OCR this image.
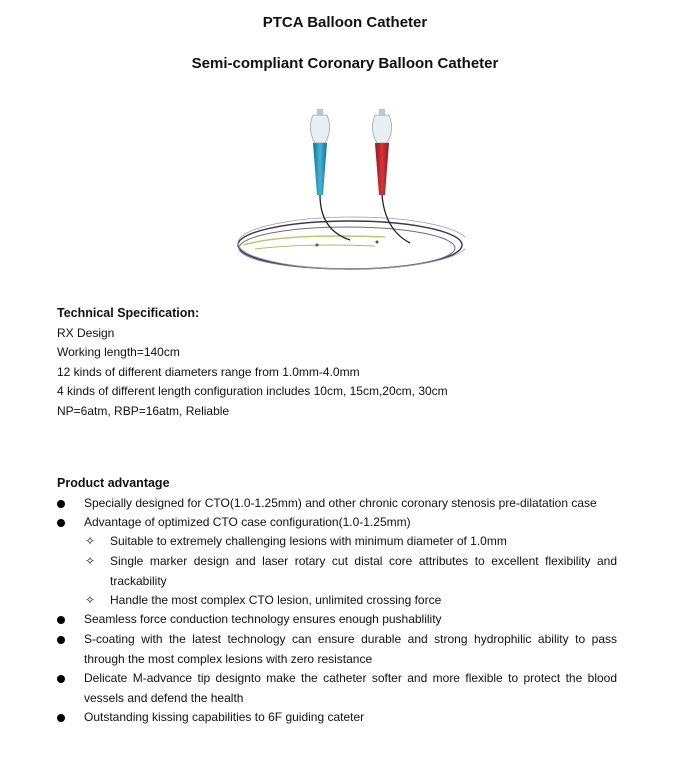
PTCA Balloon Catheter
Semi-compliant Coronary Balloon Catheter
Technical Specification:
RX Design
Working length=140cm
12 kinds of different diameters range from 1.0mm-4.0mm
4 kinds of different length configuration includes 10cm, 15cm,20cm, 30cm
NP=6atm, RBP=16atm, Reliable
Product advantage
Specially designed for CTO(1.0-1.25mm) and other chronic coronary stenosis pre-dilatation case
Advantage of optimized CTO case configuration(1.0-1.25mm)
✧ Suitable to extremely challenging lesions with minimum diameter of 1.0mm
✧ Single marker design and laser rotary cut distal core attributes to excellent flexibility and trackability
✧ Handle the most complex CTO lesion, unlimited crossing force
Seamless force conduction technology ensures enough pushablility
S-coating with the latest technology can ensure durable and strong hydrophilic ability to pass through the most complex lesions with zero resistance
Delicate M-advance tip designto make the catheter softer and more flexible to protect the blood vessels and defend the health
Outstanding kissing capabilities to 6F guiding cateter
